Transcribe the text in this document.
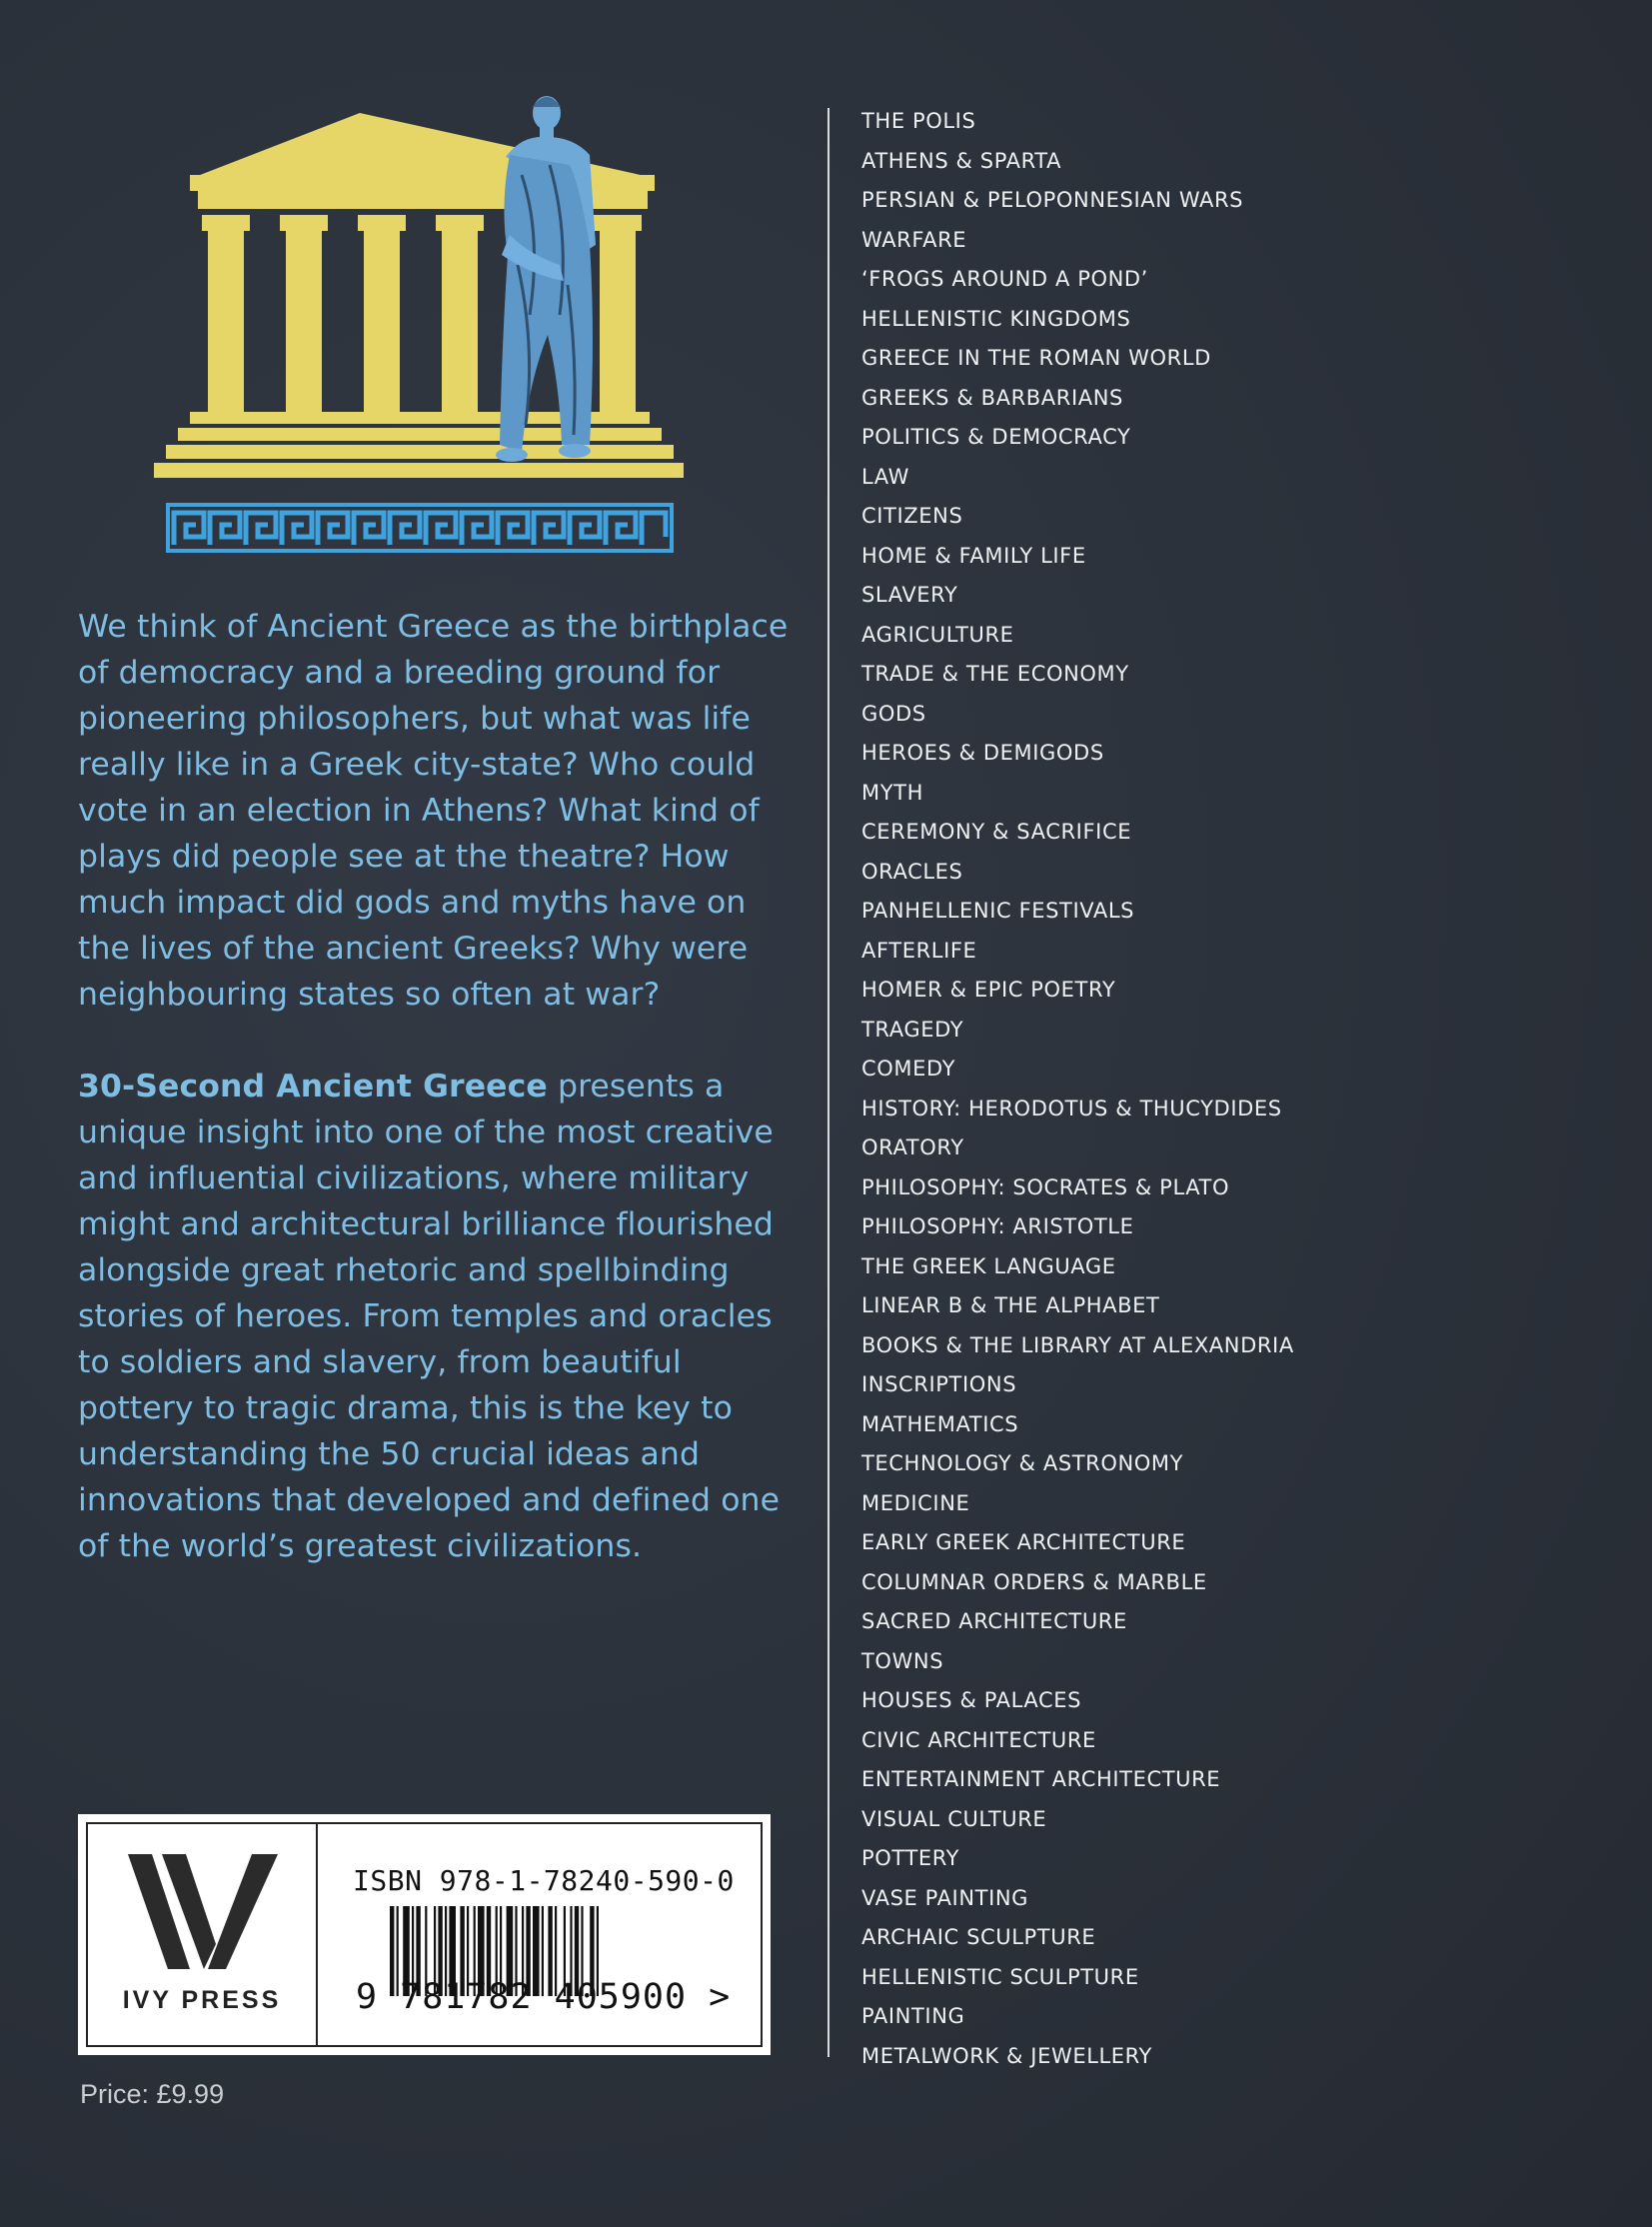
We think of Ancient Greece as the birthplace of democracy and a breeding ground for pioneering philosophers, but what was life really like in a Greek city-state? Who could vote in an election in Athens? What kind of plays did people see at the theatre? How much impact did gods and myths have on the lives of the ancient Greeks? Why were neighbouring states so often at war?

30-Second Ancient Greece presents a unique insight into one of the most creative and influential civilizations, where military might and architectural brilliance flourished alongside great rhetoric and spellbinding stories of heroes. From temples and oracles to soldiers and slavery, from beautiful pottery to tragic drama, this is the key to understanding the 50 crucial ideas and innovations that developed and defined one of the world’s greatest civilizations.

THE POLIS
ATHENS & SPARTA
PERSIAN & PELOPONNESIAN WARS
WARFARE
‘FROGS AROUND A POND’
HELLENISTIC KINGDOMS
GREECE IN THE ROMAN WORLD
GREEKS & BARBARIANS
POLITICS & DEMOCRACY
LAW
CITIZENS
HOME & FAMILY LIFE
SLAVERY
AGRICULTURE
TRADE & THE ECONOMY
GODS
HEROES & DEMIGODS
MYTH
CEREMONY & SACRIFICE
ORACLES
PANHELLENIC FESTIVALS
AFTERLIFE
HOMER & EPIC POETRY
TRAGEDY
COMEDY
HISTORY: HERODOTUS & THUCYDIDES
ORATORY
PHILOSOPHY: SOCRATES & PLATO
PHILOSOPHY: ARISTOTLE
THE GREEK LANGUAGE
LINEAR B & THE ALPHABET
BOOKS & THE LIBRARY AT ALEXANDRIA
INSCRIPTIONS
MATHEMATICS
TECHNOLOGY & ASTRONOMY
MEDICINE
EARLY GREEK ARCHITECTURE
COLUMNAR ORDERS & MARBLE
SACRED ARCHITECTURE
TOWNS
HOUSES & PALACES
CIVIC ARCHITECTURE
ENTERTAINMENT ARCHITECTURE
VISUAL CULTURE
POTTERY
VASE PAINTING
ARCHAIC SCULPTURE
HELLENISTIC SCULPTURE
PAINTING
METALWORK & JEWELLERY
IVY PRESS
ISBN 978-1-78240-590-0
9 781782 405900 >
Price: £9.99
